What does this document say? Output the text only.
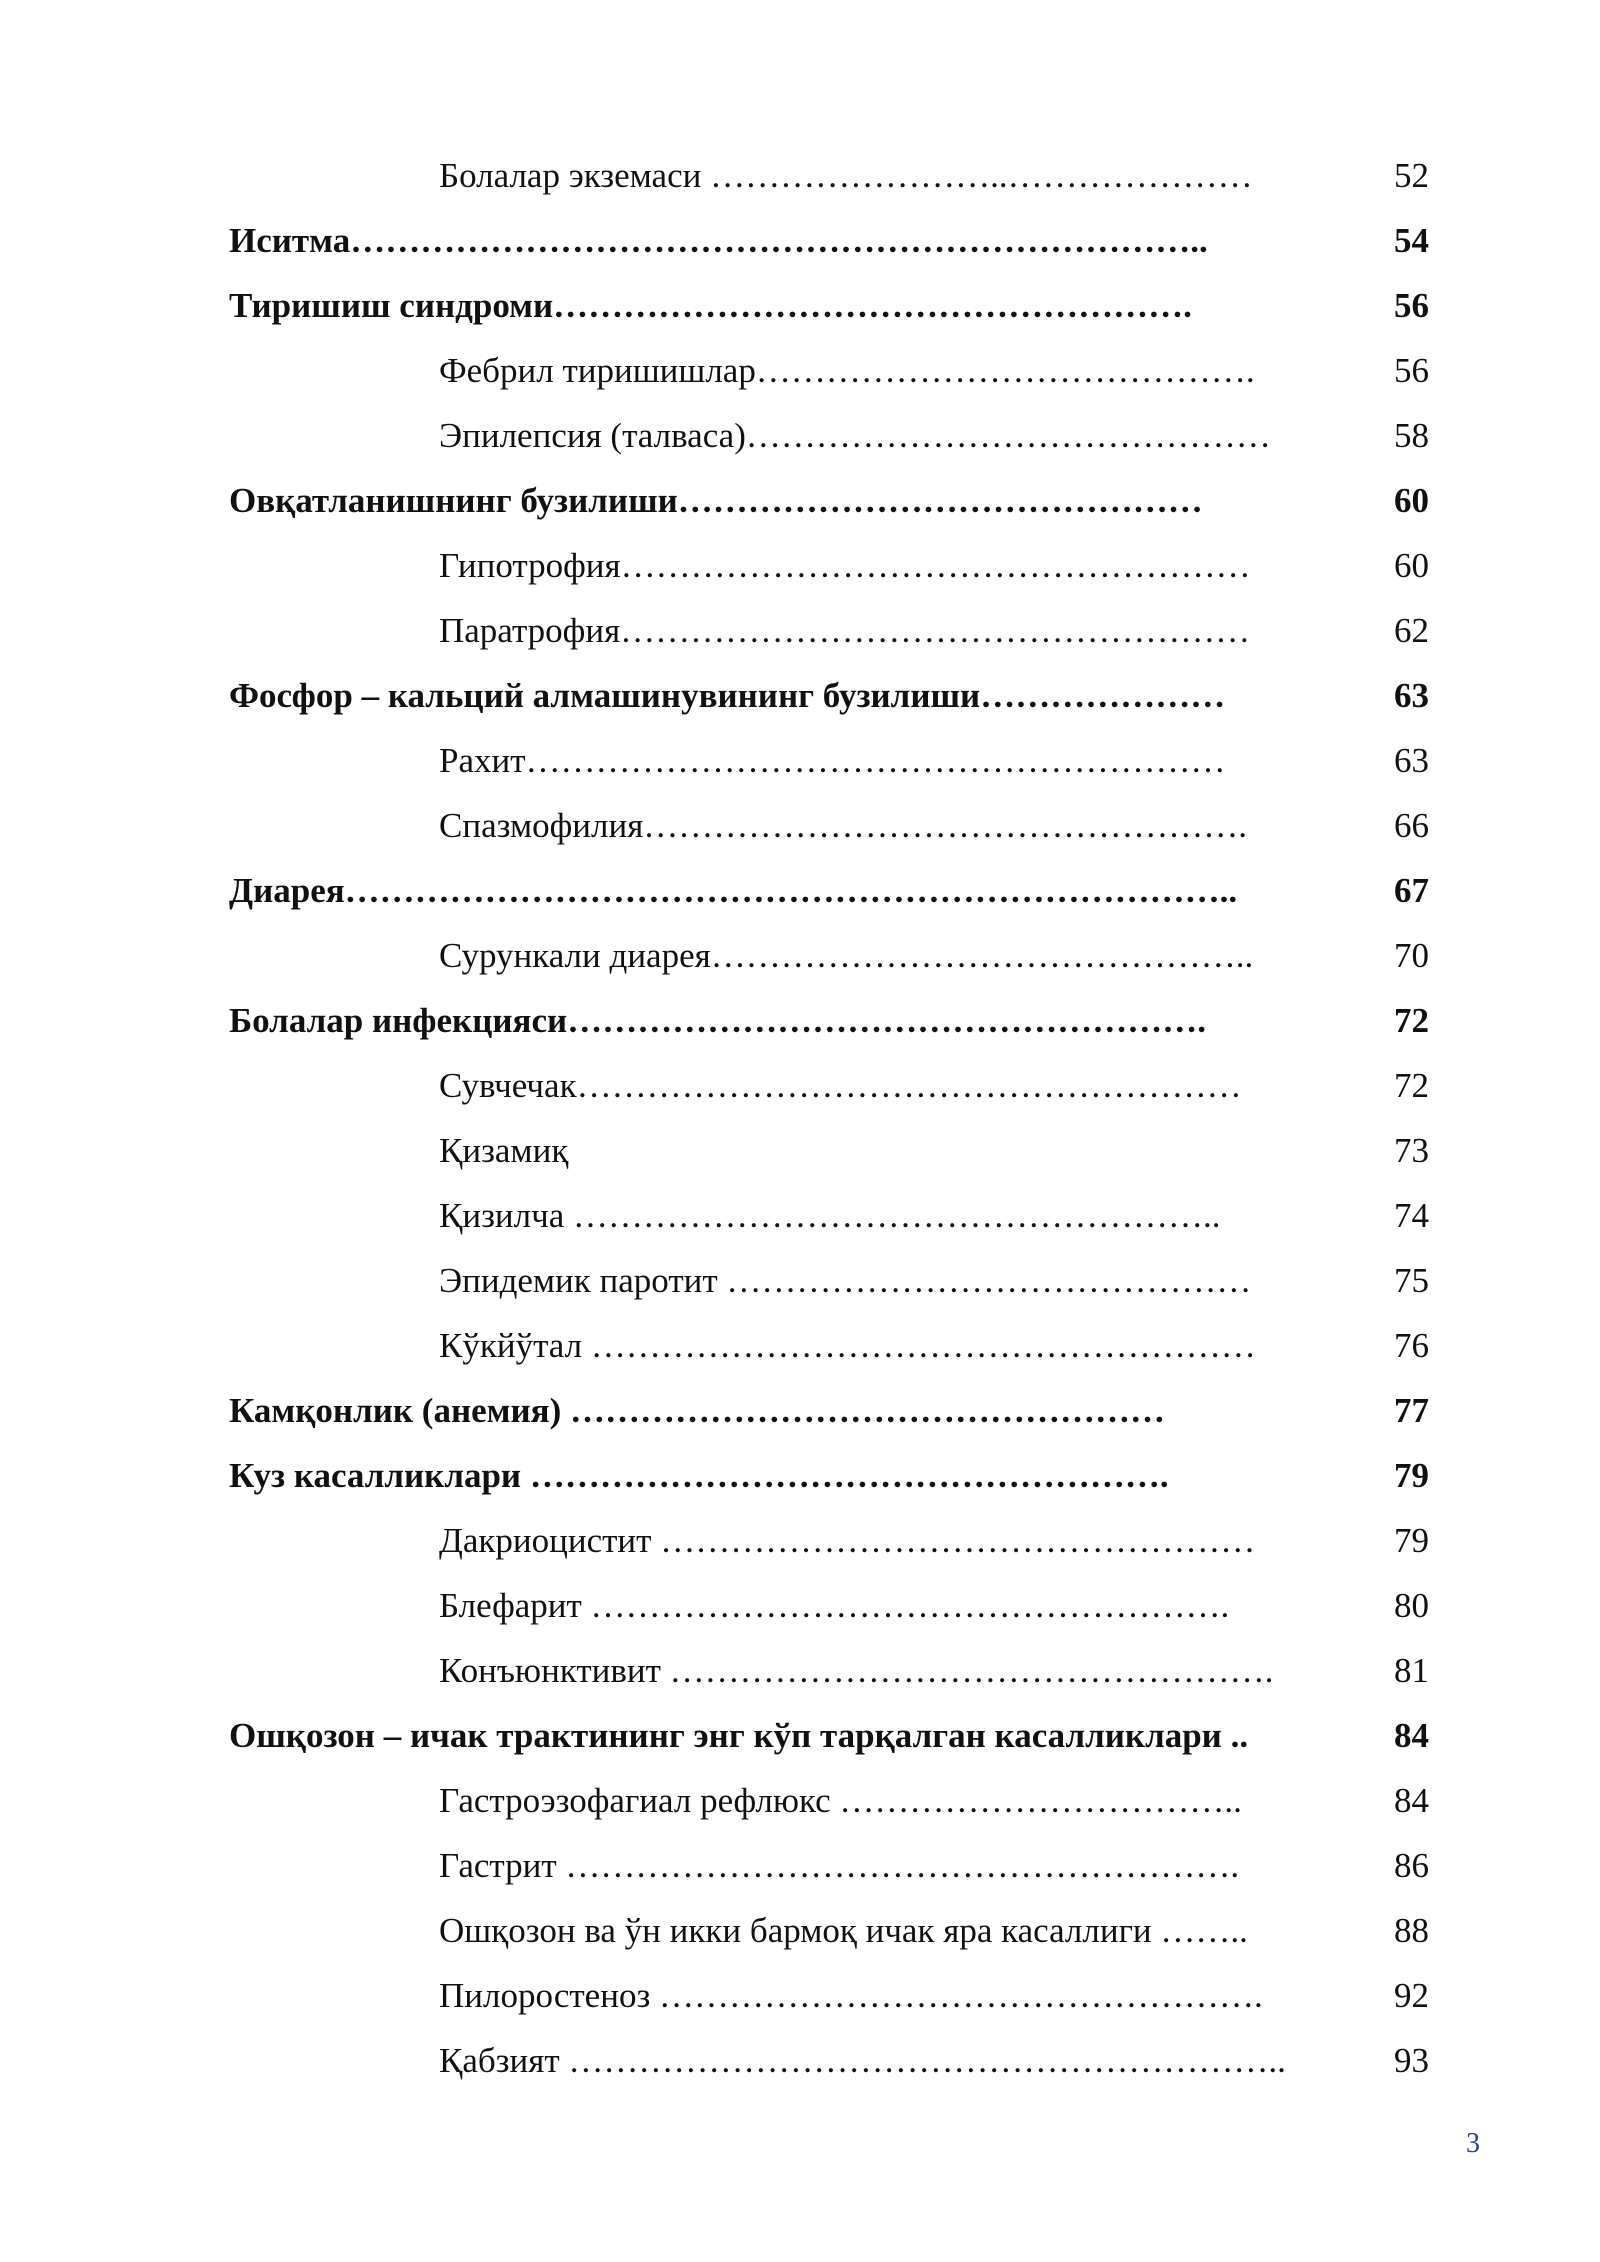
Болалар экземаси ……………………..…………………	52
Иситма………………………………………………………………..	54
Тиришиш синдроми……………………………………………….	56
Фебрил тиришишлар…………………………………….	56
Эпилепсия (талваса)………………………………………	58
Овқатланишнинг бузилиши………………………………………	60
Гипотрофия………………………………………………	60
Паратрофия………………………………………………	62
Фосфор – кальций алмашинувининг бузилиши…………………	63
Рахит……………………………………………………	63
Спазмофилия…………………………………………….	66
Диарея…………………………………………………………………..	67
Сурункали диарея………………………………………..	70
Болалар инфекцияси……………………………………………….	72
Сувчечак…………………………………………………	72
Қизамиқ	73
Қизилча ………………………………………………..	74
Эпидемик паротит ………………………………………	75
Кўкйўтал …………………………………………………	76
Камқонлик (анемия) ……………………………………………	77
Куз касалликлари ……………………………………………….	79
Дакриоцистит ……………………………………………	79
Блефарит ……………………………………………….	80
Конъюнктивит …………………………………………….	81
Ошқозон – ичак трактининг энг кўп тарқалган касалликлари ..	84
Гастроэзофагиал рефлюкс ……………………………..	84
Гастрит ………………………………………………….	86
Ошқозон ва ўн икки бармоқ ичак яра касаллиги ……..	88
Пилоростеноз …………………………………………….	92
Қабзият ……………………………………………………..	93
3
